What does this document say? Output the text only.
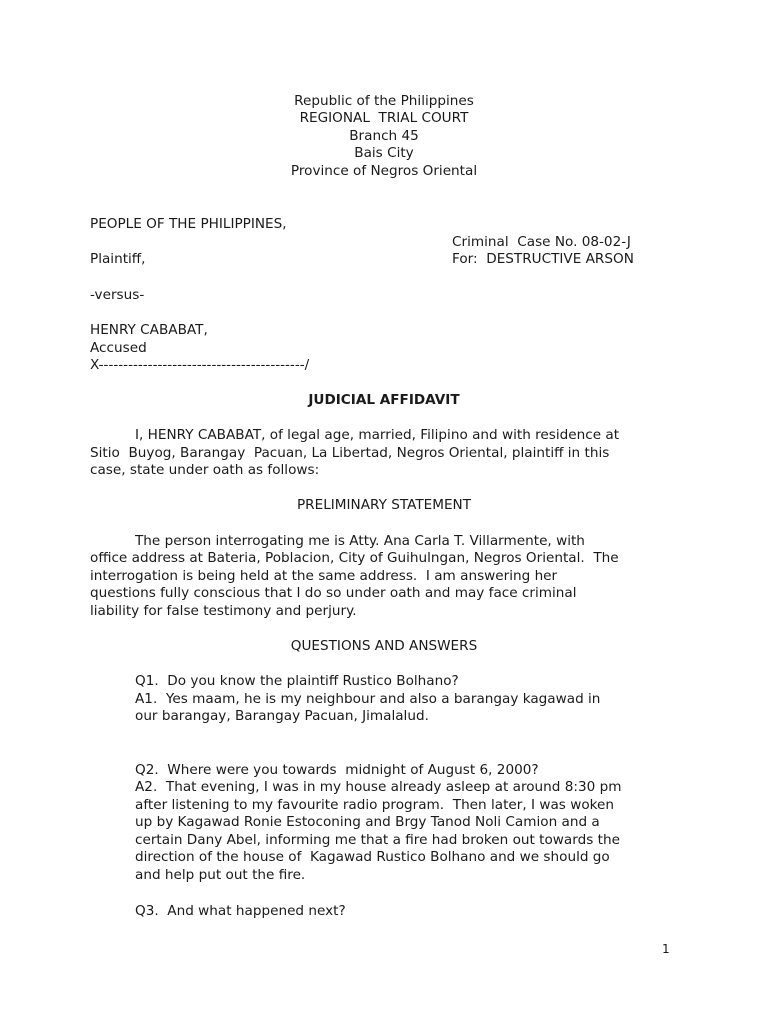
Republic of the Philippines
REGIONAL  TRIAL COURT
Branch 45
Bais City
Province of Negros Oriental
PEOPLE OF THE PHILIPPINES,
Criminal  Case No. 08-02-J
Plaintiff,	For:  DESTRUCTIVE ARSON
-versus-
HENRY CABABAT,
Accused
X------------------------------------------/
JUDICIAL AFFIDAVIT
I, HENRY CABABAT, of legal age, married, Filipino and with residence at
Sitio  Buyog, Barangay  Pacuan, La Libertad, Negros Oriental, plaintiff in this
case, state under oath as follows:
PRELIMINARY STATEMENT
The person interrogating me is Atty. Ana Carla T. Villarmente, with
office address at Bateria, Poblacion, City of Guihulngan, Negros Oriental.  The
interrogation is being held at the same address.  I am answering her
questions fully conscious that I do so under oath and may face criminal
liability for false testimony and perjury.
QUESTIONS AND ANSWERS
Q1.  Do you know the plaintiff Rustico Bolhano?
A1.  Yes maam, he is my neighbour and also a barangay kagawad in
our barangay, Barangay Pacuan, Jimalalud.
Q2.  Where were you towards  midnight of August 6, 2000?
A2.  That evening, I was in my house already asleep at around 8:30 pm
after listening to my favourite radio program.  Then later, I was woken
up by Kagawad Ronie Estoconing and Brgy Tanod Noli Camion and a
certain Dany Abel, informing me that a fire had broken out towards the
direction of the house of  Kagawad Rustico Bolhano and we should go
and help put out the fire.
Q3.  And what happened next?
1
